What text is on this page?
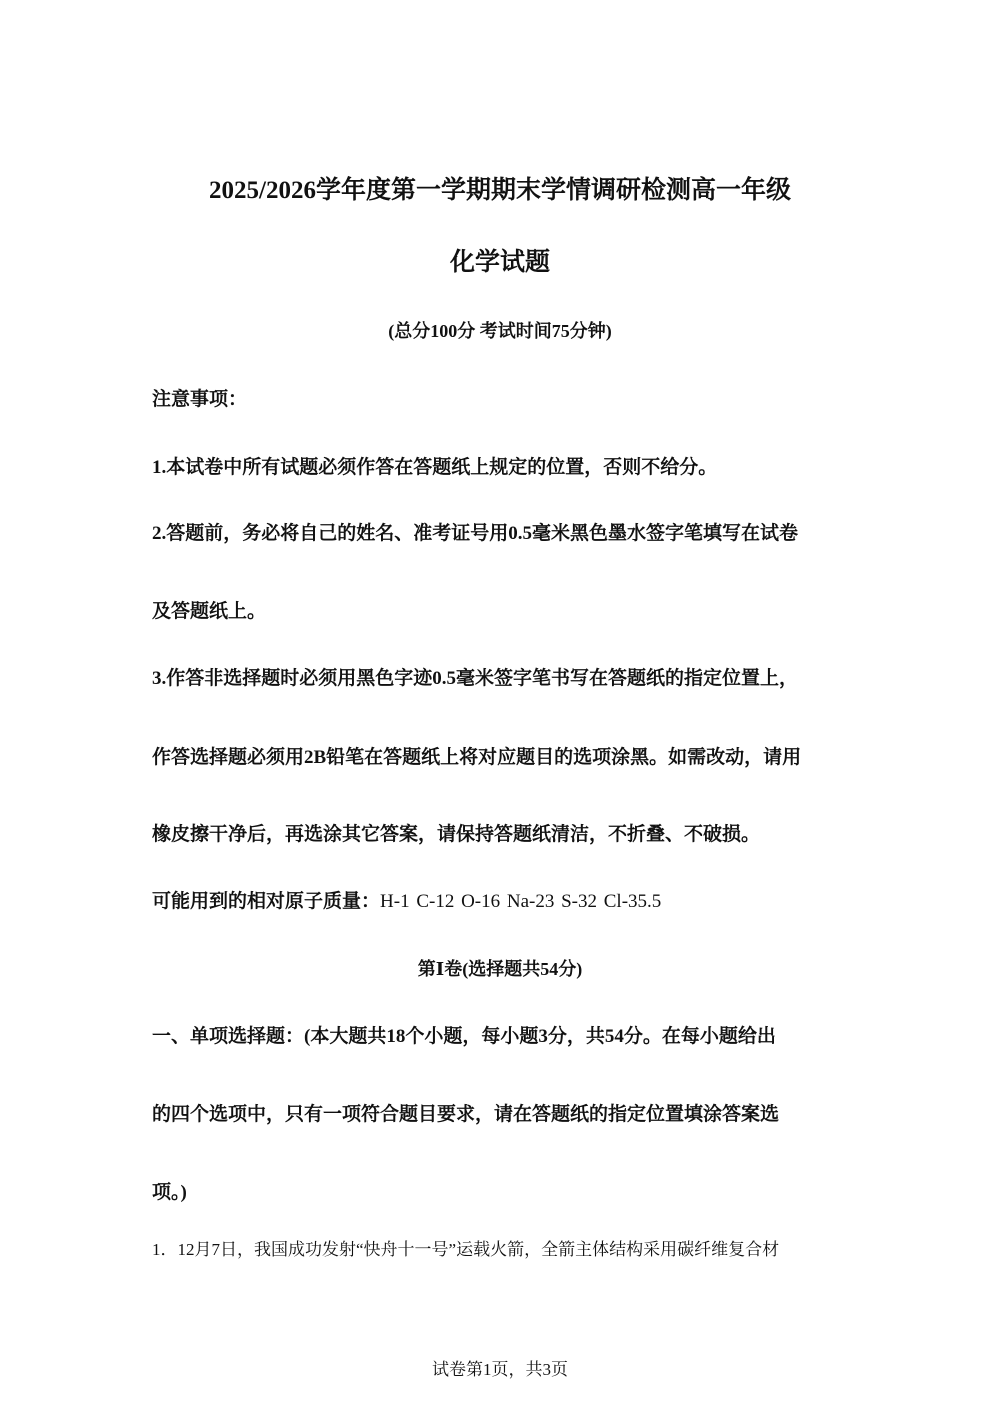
2025/2026学年度第一学期期末学情调研检测高一年级
化学试题
(总分100分 考试时间75分钟)
注意事项：
1.本试卷中所有试题必须作答在答题纸上规定的位置，否则不给分。
2.答题前，务必将自己的姓名、准考证号用0.5毫米黑色墨水签字笔填写在试卷
及答题纸上。
3.作答非选择题时必须用黑色字迹0.5毫米签字笔书写在答题纸的指定位置上，
作答选择题必须用2B铅笔在答题纸上将对应题目的选项涂黑。如需改动，请用
橡皮擦干净后，再选涂其它答案，请保持答题纸清洁，不折叠、不破损。
可能用到的相对原子质量：H-1 C-12 O-16 Na-23 S-32 Cl-35.5
第Ⅰ卷(选择题共54分)
一、单项选择题：(本大题共18个小题，每小题3分，共54分。在每小题给出
的四个选项中，只有一项符合题目要求，请在答题纸的指定位置填涂答案选
项。)
1．12月7日，我国成功发射“快舟十一号”运载火箭，全箭主体结构采用碳纤维复合材
试卷第1页，共3页
